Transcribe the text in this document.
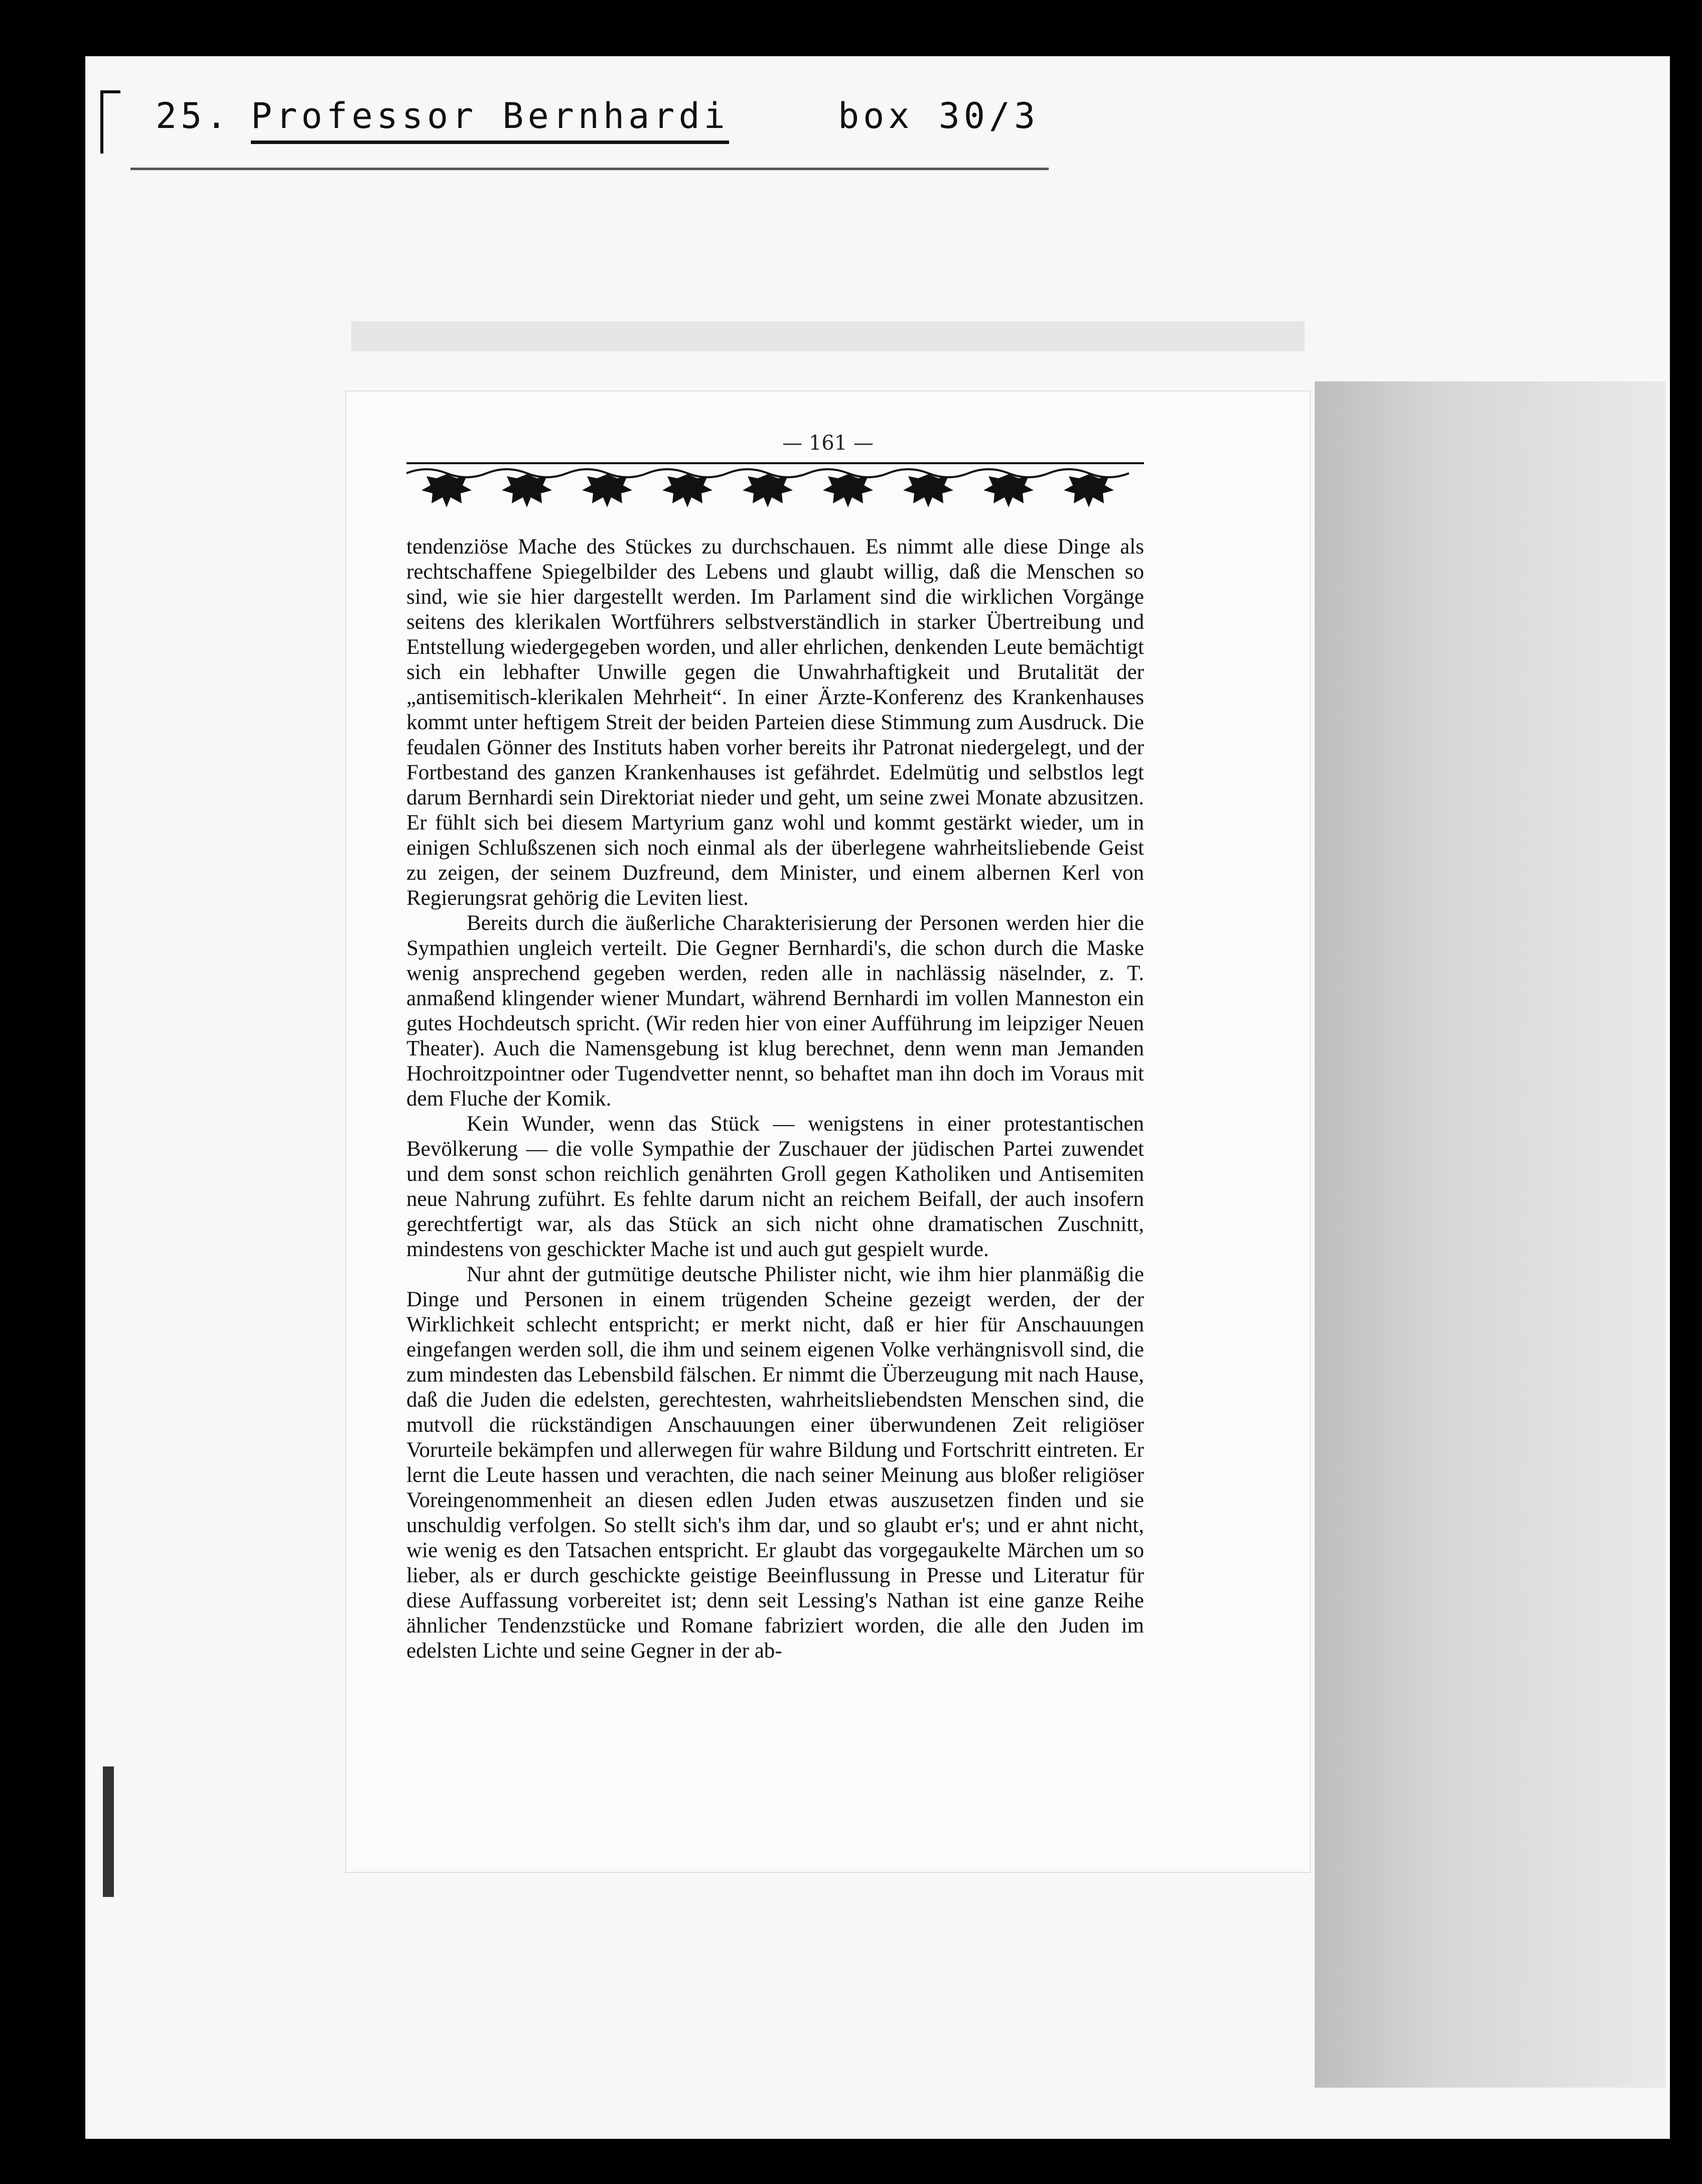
25. Professor Bernhardi	box 30/3
— 161 —

tendenziöse Mache des Stückes zu durchschauen. Es nimmt alle diese Dinge als rechtschaffene Spiegelbilder des Lebens und glaubt willig, daß die Menschen so sind, wie sie hier dargestellt werden. Im Parlament sind die wirklichen Vorgänge seitens des klerikalen Wortführers selbstverständlich in starker Übertreibung und Entstellung wiedergegeben worden, und aller ehrlichen, denkenden Leute bemächtigt sich ein lebhafter Unwille gegen die Unwahrhaftigkeit und Brutalität der „antisemitisch-klerikalen Mehrheit“. In einer Ärzte-Konferenz des Krankenhauses kommt unter heftigem Streit der beiden Parteien diese Stimmung zum Ausdruck. Die feudalen Gönner des Instituts haben vorher bereits ihr Patronat niedergelegt, und der Fortbestand des ganzen Krankenhauses ist gefährdet. Edelmütig und selbstlos legt darum Bernhardi sein Direktoriat nieder und geht, um seine zwei Monate abzusitzen. Er fühlt sich bei diesem Martyrium ganz wohl und kommt gestärkt wieder, um in einigen Schlußszenen sich noch einmal als der überlegene wahrheitsliebende Geist zu zeigen, der seinem Duzfreund, dem Minister, und einem albernen Kerl von Regierungsrat gehörig die Leviten liest.

Bereits durch die äußerliche Charakterisierung der Personen werden hier die Sympathien ungleich verteilt. Die Gegner Bernhardi's, die schon durch die Maske wenig ansprechend gegeben werden, reden alle in nachlässig näselnder, z. T. anmaßend klingender wiener Mundart, während Bernhardi im vollen Manneston ein gutes Hochdeutsch spricht. (Wir reden hier von einer Aufführung im leipziger Neuen Theater). Auch die Namensgebung ist klug berechnet, denn wenn man Jemanden Hochroitzpointner oder Tugendvetter nennt, so behaftet man ihn doch im Voraus mit dem Fluche der Komik.

Kein Wunder, wenn das Stück — wenigstens in einer protestantischen Bevölkerung — die volle Sympathie der Zuschauer der jüdischen Partei zuwendet und dem sonst schon reichlich genährten Groll gegen Katholiken und Antisemiten neue Nahrung zuführt. Es fehlte darum nicht an reichem Beifall, der auch insofern gerechtfertigt war, als das Stück an sich nicht ohne dramatischen Zuschnitt, mindestens von geschickter Mache ist und auch gut gespielt wurde.

Nur ahnt der gutmütige deutsche Philister nicht, wie ihm hier planmäßig die Dinge und Personen in einem trügenden Scheine gezeigt werden, der der Wirklichkeit schlecht entspricht; er merkt nicht, daß er hier für Anschauungen eingefangen werden soll, die ihm und seinem eigenen Volke verhängnisvoll sind, die zum mindesten das Lebensbild fälschen. Er nimmt die Überzeugung mit nach Hause, daß die Juden die edelsten, gerechtesten, wahrheitsliebendsten Menschen sind, die mutvoll die rückständigen Anschauungen einer überwundenen Zeit religiöser Vorurteile bekämpfen und allerwegen für wahre Bildung und Fortschritt eintreten. Er lernt die Leute hassen und verachten, die nach seiner Meinung aus bloßer religiöser Voreingenommenheit an diesen edlen Juden etwas auszusetzen finden und sie unschuldig verfolgen. So stellt sich's ihm dar, und so glaubt er's; und er ahnt nicht, wie wenig es den Tatsachen entspricht. Er glaubt das vorgegaukelte Märchen um so lieber, als er durch geschickte geistige Beeinflussung in Presse und Literatur für diese Auffassung vorbereitet ist; denn seit Lessing's Nathan ist eine ganze Reihe ähnlicher Tendenzstücke und Romane fabriziert worden, die alle den Juden im edelsten Lichte und seine Gegner in der ab-
